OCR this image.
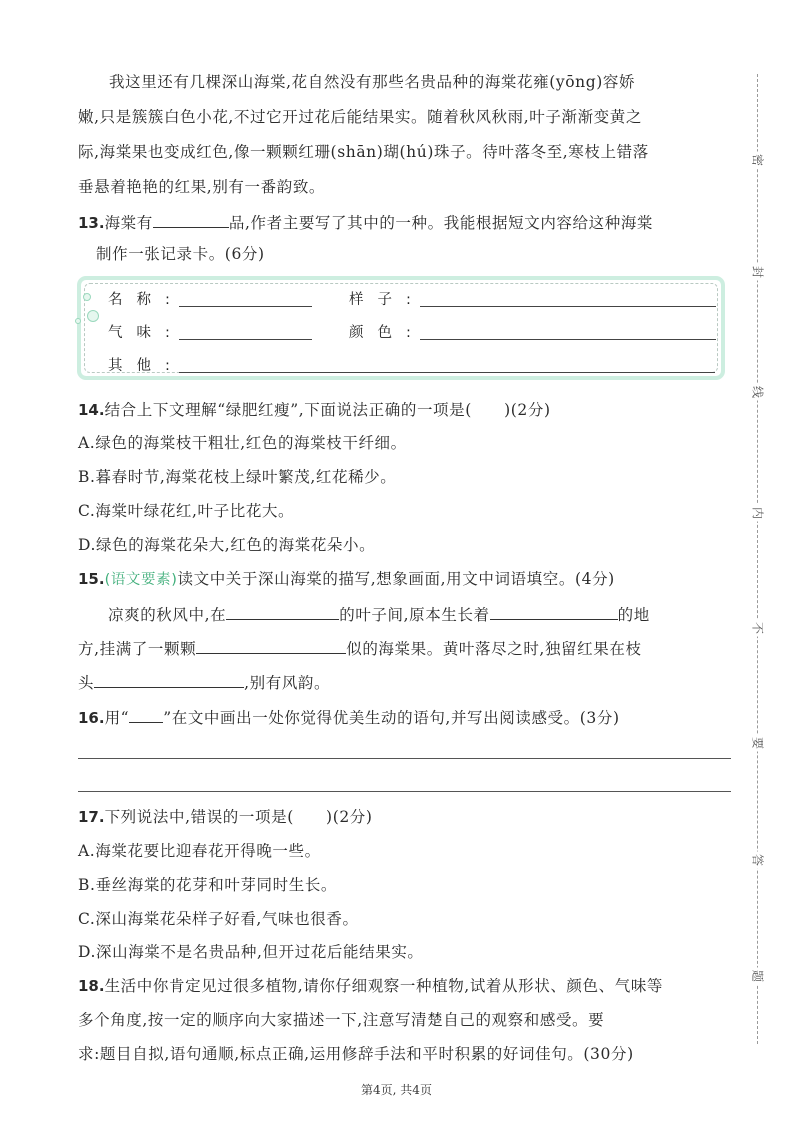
我这里还有几棵深山海棠,花自然没有那些名贵品种的海棠花雍(yōng)容娇
嫩,只是簇簇白色小花,不过它开过花后能结果实。随着秋风秋雨,叶子渐渐变黄之
际,海棠果也变成红色,像一颗颗红珊(shān)瑚(hú)珠子。待叶落冬至,寒枝上错落
垂悬着艳艳的红果,别有一番韵致。
13.海棠有	品,作者主要写了其中的一种。我能根据短文内容给这种海棠
制作一张记录卡。(6分)
名称:	样子:
气味:	颜色:
其他:
14.结合上下文理解“绿肥红瘦”,下面说法正确的一项是(　　)(2分)
A.绿色的海棠枝干粗壮,红色的海棠枝干纤细。
B.暮春时节,海棠花枝上绿叶繁茂,红花稀少。
C.海棠叶绿花红,叶子比花大。
D.绿色的海棠花朵大,红色的海棠花朵小。
15.(语文要素)读文中关于深山海棠的描写,想象画面,用文中词语填空。(4分)
凉爽的秋风中,在	的叶子间,原本生长着	的地
方,挂满了一颗颗	似的海棠果。黄叶落尽之时,独留红果在枝
头	,别有风韵。
16.用“ ”在文中画出一处你觉得优美生动的语句,并写出阅读感受。(3分)
17.下列说法中,错误的一项是(　　)(2分)
A.海棠花要比迎春花开得晚一些。
B.垂丝海棠的花芽和叶芽同时生长。
C.深山海棠花朵样子好看,气味也很香。
D.深山海棠不是名贵品种,但开过花后能结果实。
18.生活中你肯定见过很多植物,请你仔细观察一种植物,试着从形状、颜色、气味等
多个角度,按一定的顺序向大家描述一下,注意写清楚自己的观察和感受。要
求:题目自拟,语句通顺,标点正确,运用修辞手法和平时积累的好词佳句。(30分)
密
封
线
内
不
要
答
题
第4页, 共4页
